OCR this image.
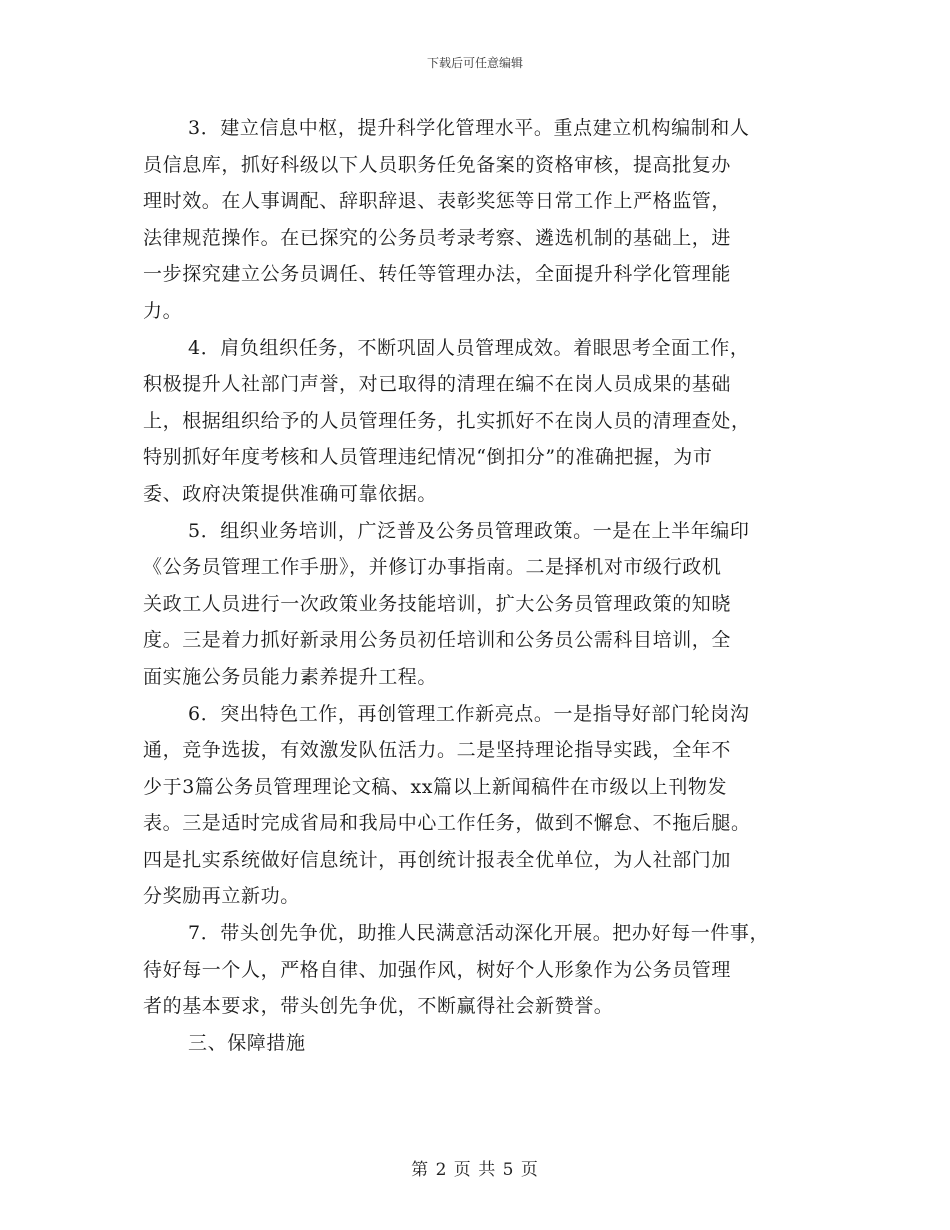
下载后可任意编辑
3．建立信息中枢，提升科学化管理水平。重点建立机构编制和人
员信息库，抓好科级以下人员职务任免备案的资格审核，提高批复办
理时效。在人事调配、辞职辞退、表彰奖惩等日常工作上严格监管，
法律规范操作。在已探究的公务员考录考察、遴选机制的基础上，进
一步探究建立公务员调任、转任等管理办法，全面提升科学化管理能
力。
4．肩负组织任务，不断巩固人员管理成效。着眼思考全面工作，
积极提升人社部门声誉，对已取得的清理在编不在岗人员成果的基础
上，根据组织给予的人员管理任务，扎实抓好不在岗人员的清理查处，
特别抓好年度考核和人员管理违纪情况“倒扣分”的准确把握，为市
委、政府决策提供准确可靠依据。
5．组织业务培训，广泛普及公务员管理政策。一是在上半年编印
《公务员管理工作手册》，并修订办事指南。二是择机对市级行政机
关政工人员进行一次政策业务技能培训，扩大公务员管理政策的知晓
度。三是着力抓好新录用公务员初任培训和公务员公需科目培训，全
面实施公务员能力素养提升工程。
6．突出特色工作，再创管理工作新亮点。一是指导好部门轮岗沟
通，竞争选拔，有效激发队伍活力。二是坚持理论指导实践，全年不
少于3篇公务员管理理论文稿、xx篇以上新闻稿件在市级以上刊物发
表。三是适时完成省局和我局中心工作任务，做到不懈怠、不拖后腿。
四是扎实系统做好信息统计，再创统计报表全优单位，为人社部门加
分奖励再立新功。
7．带头创先争优，助推人民满意活动深化开展。把办好每一件事，
待好每一个人，严格自律、加强作风，树好个人形象作为公务员管理
者的基本要求，带头创先争优，不断赢得社会新赞誉。
三、保障措施
第 2 页 共 5 页
